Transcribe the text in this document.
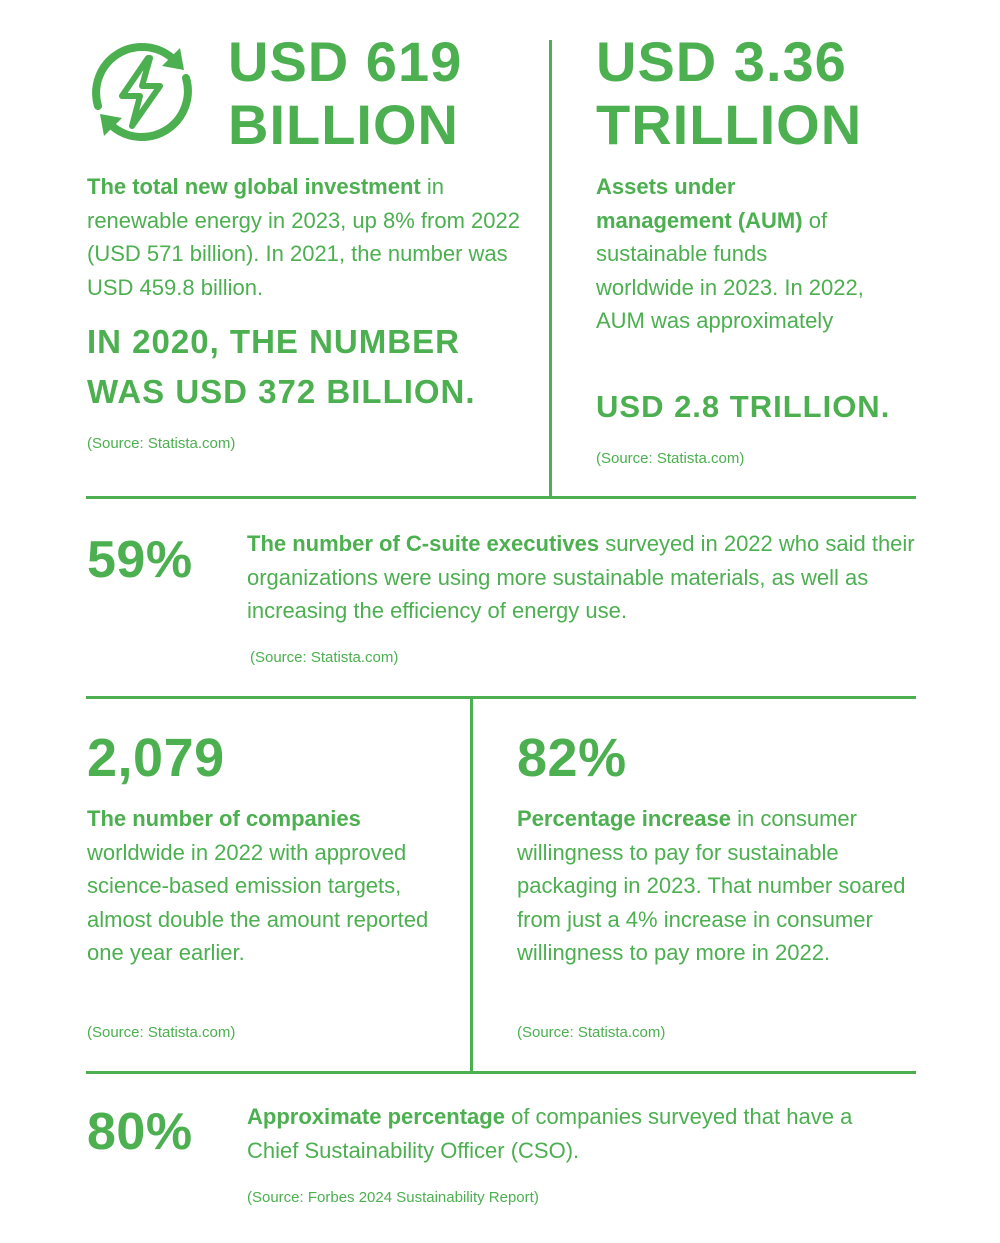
USD 619
BILLION
The total new global investment in renewable energy in 2023, up 8% from 2022 (USD 571 billion). In 2021, the number was USD 459.8 billion.
IN 2020, THE NUMBER WAS USD 372 BILLION.
(Source: Statista.com)
USD 3.36
TRILLION
Assets under management (AUM) of sustainable funds worldwide in 2023. In 2022, AUM was approximately
USD 2.8 TRILLION.
(Source: Statista.com)
59% The number of C-suite executives surveyed in 2022 who said their organizations were using more sustainable materials, as well as increasing the efficiency of energy use.
(Source: Statista.com)
2,079
The number of companies worldwide in 2022 with approved science-based emission targets, almost double the amount reported one year earlier.
(Source: Statista.com)
82%
Percentage increase in consumer willingness to pay for sustainable packaging in 2023. That number soared from just a 4% increase in consumer willingness to pay more in 2022.
(Source: Statista.com)
80% Approximate percentage of companies surveyed that have a Chief Sustainability Officer (CSO).
(Source: Forbes 2024 Sustainability Report)
